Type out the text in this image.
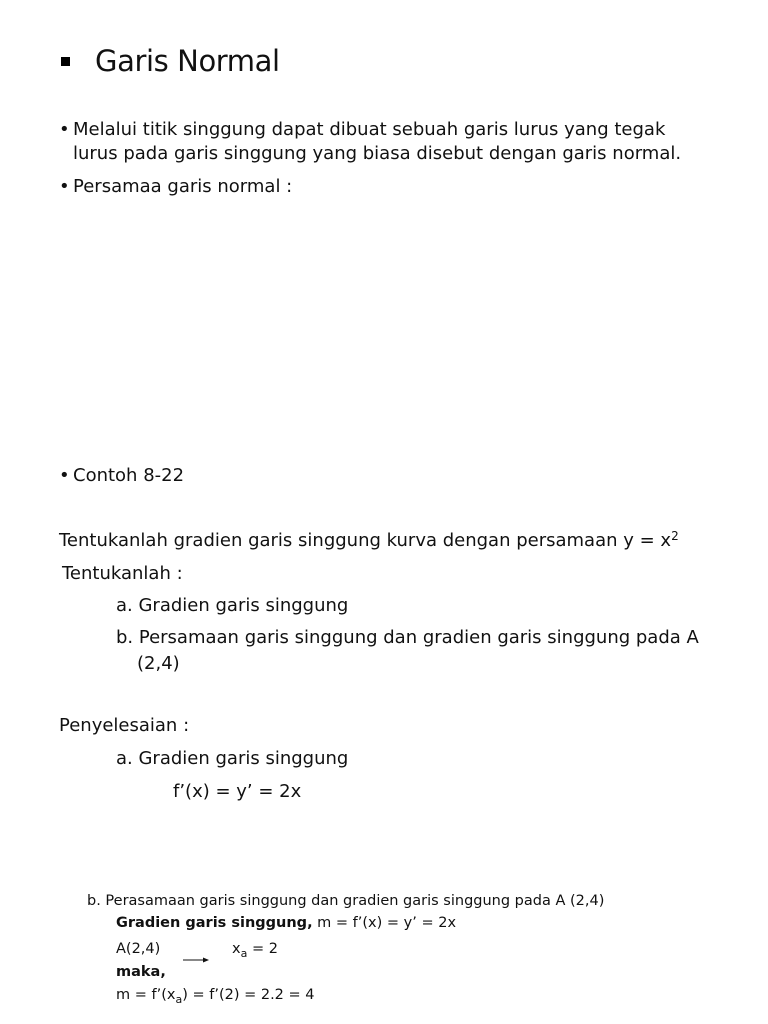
Garis Normal
• Melalui titik singgung dapat dibuat sebuah garis lurus yang tegak
lurus pada garis singgung yang biasa disebut dengan garis normal.
• Persamaa garis normal :
• Contoh 8-22
Tentukanlah gradien garis singgung kurva dengan persamaan $y = x^2$
Tentukanlah :
a. Gradien garis singgung
b. Persamaan garis singgung dan gradien garis singgung pada A
(2,4)
Penyelesaian :
a. Gradien garis singgung
f’(x) = y’ = 2x
b. Perasamaan garis singgung dan gradien garis singgung pada A (2,4)
Gradien garis singgung, m = f’(x) = y’ = 2x
A(2,4)	$x_a = 2$
maka,
$m = f’(x_a)$ = f’(2) = 2.2 = 4
